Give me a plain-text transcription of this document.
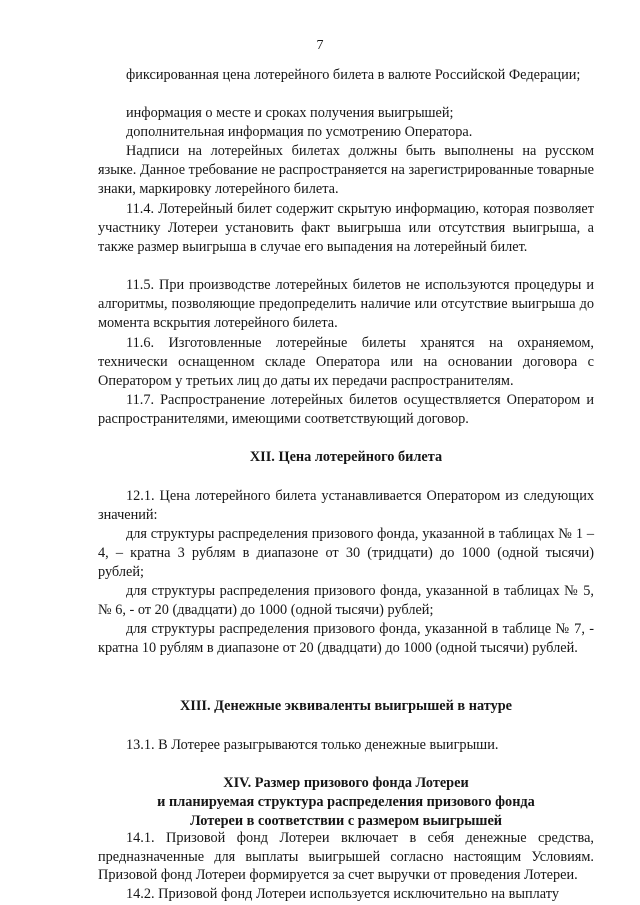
7

фиксированная цена лотерейного билета в валюте Российской Федерации;

информация о месте и сроках получения выигрышей;

дополнительная информация по усмотрению Оператора.

Надписи на лотерейных билетах должны быть выполнены на русском языке. Данное требование не распространяется на зарегистрированные товарные знаки, маркировку лотерейного билета.

11.4. Лотерейный билет содержит скрытую информацию, которая позволяет участнику Лотереи установить факт выигрыша или отсутствия выигрыша, а также размер выигрыша в случае его выпадения на лотерейный билет.

11.5. При производстве лотерейных билетов не используются процедуры и алгоритмы, позволяющие предопределить наличие или отсутствие выигрыша до момента вскрытия лотерейного билета.

11.6. Изготовленные лотерейные билеты хранятся на охраняемом, технически оснащенном складе Оператора или на основании договора с Оператором у третьих лиц до даты их передачи распространителям.

11.7. Распространение лотерейных билетов осуществляется Оператором и распространителями, имеющими соответствующий договор.

XII. Цена лотерейного билета

12.1. Цена лотерейного билета устанавливается Оператором из следующих значений:

для структуры распределения призового фонда, указанной в таблицах № 1 – 4, – кратна 3 рублям в диапазоне от 30 (тридцати) до 1000 (одной тысячи) рублей;

для структуры распределения призового фонда, указанной в таблицах № 5, № 6, - от 20 (двадцати) до 1000 (одной тысячи) рублей;

для структуры распределения призового фонда, указанной в таблице № 7, - кратна 10 рублям в диапазоне от 20 (двадцати) до 1000 (одной тысячи) рублей.

XIII. Денежные эквиваленты выигрышей в натуре

13.1. В Лотерее разыгрываются только денежные выигрыши.

XIV. Размер призового фонда Лотереи
и планируемая структура распределения призового фонда
Лотереи в соответствии с размером выигрышей

14.1. Призовой фонд Лотереи включает в себя денежные средства, предназначенные для выплаты выигрышей согласно настоящим Условиям. Призовой фонд Лотереи формируется за счет выручки от проведения Лотереи.

14.2. Призовой фонд Лотереи используется исключительно на выплату
